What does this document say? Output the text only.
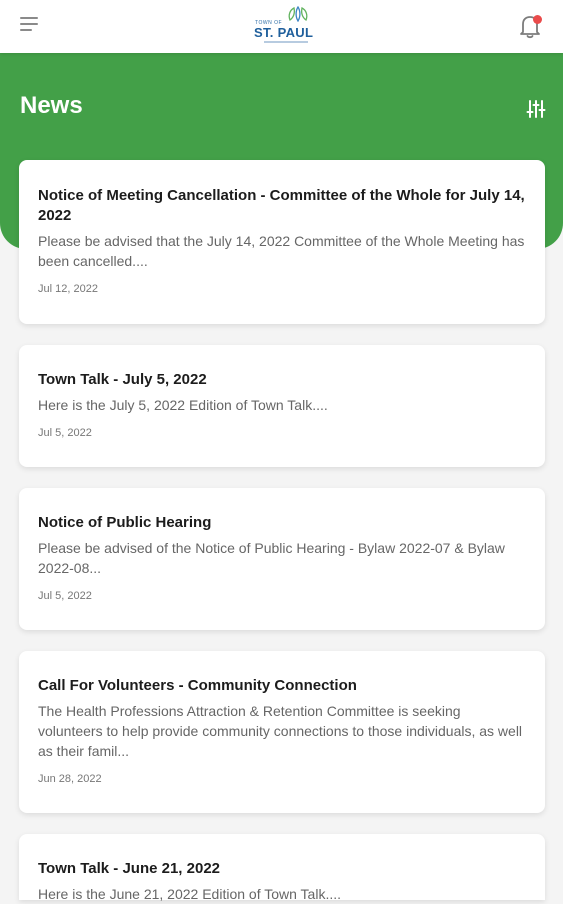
TOWN OF
ST. PAUL
News
Notice of Meeting Cancellation - Committee of the Whole for July 14, 2022
Please be advised that the July 14, 2022 Committee of the Whole Meeting has been cancelled....
Jul 12, 2022
Town Talk - July 5, 2022
Here is the July 5, 2022 Edition of Town Talk....
Jul 5, 2022
Notice of Public Hearing
Please be advised of the Notice of Public Hearing - Bylaw 2022-07 & Bylaw 2022-08...
Jul 5, 2022
Call For Volunteers - Community Connection
The Health Professions Attraction & Retention Committee is seeking volunteers to help provide community connections to those individuals, as well as their famil...
Jun 28, 2022
Town Talk - June 21, 2022
Here is the June 21, 2022 Edition of Town Talk....
